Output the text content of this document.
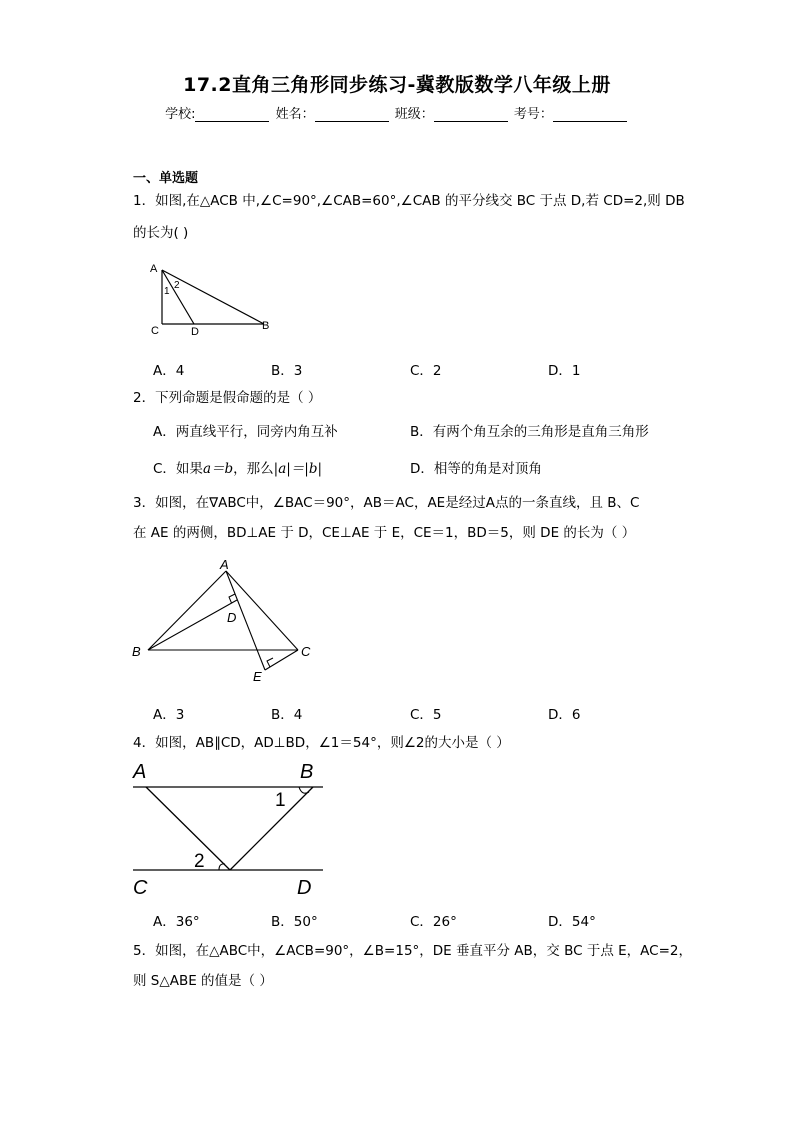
17.2直角三角形同步练习-冀教版数学八年级上册
学校:	姓名：	班级：	考号：
一、单选题
1．如图,在△ACB 中,∠C=90°,∠CAB=60°,∠CAB 的平分线交 BC 于点 D,若 CD=2,则 DB
的长为( )
A
C	D	B
1
2
A．4	B．3	C．2	D．1
2．下列命题是假命题的是（ ）
A．两直线平行，同旁内角互补	B．有两个角互余的三角形是直角三角形
C．如果a＝b，那么|a|＝|b|	D．相等的角是对顶角
3．如图，在∇ABC中，∠BAC＝90°，AB＝AC，AE是经过A点的一条直线，且 B、C
在 AE 的两侧，BD⊥AE 于 D，CE⊥AE 于 E，CE＝1，BD＝5，则 DE 的长为（ ）
A
B	C
D
E
A．3	B．4	C．5	D．6
4．如图，AB∥CD，AD⊥BD，∠1＝54°，则∠2的大小是（ ）
A	B
C	D
1
2
A．36°	B．50°	C．26°	D．54°
5．如图，在△ABC中，∠ACB=90°，∠B=15°，DE 垂直平分 AB，交 BC 于点 E，AC=2，
则 S△ABE 的值是（ ）
